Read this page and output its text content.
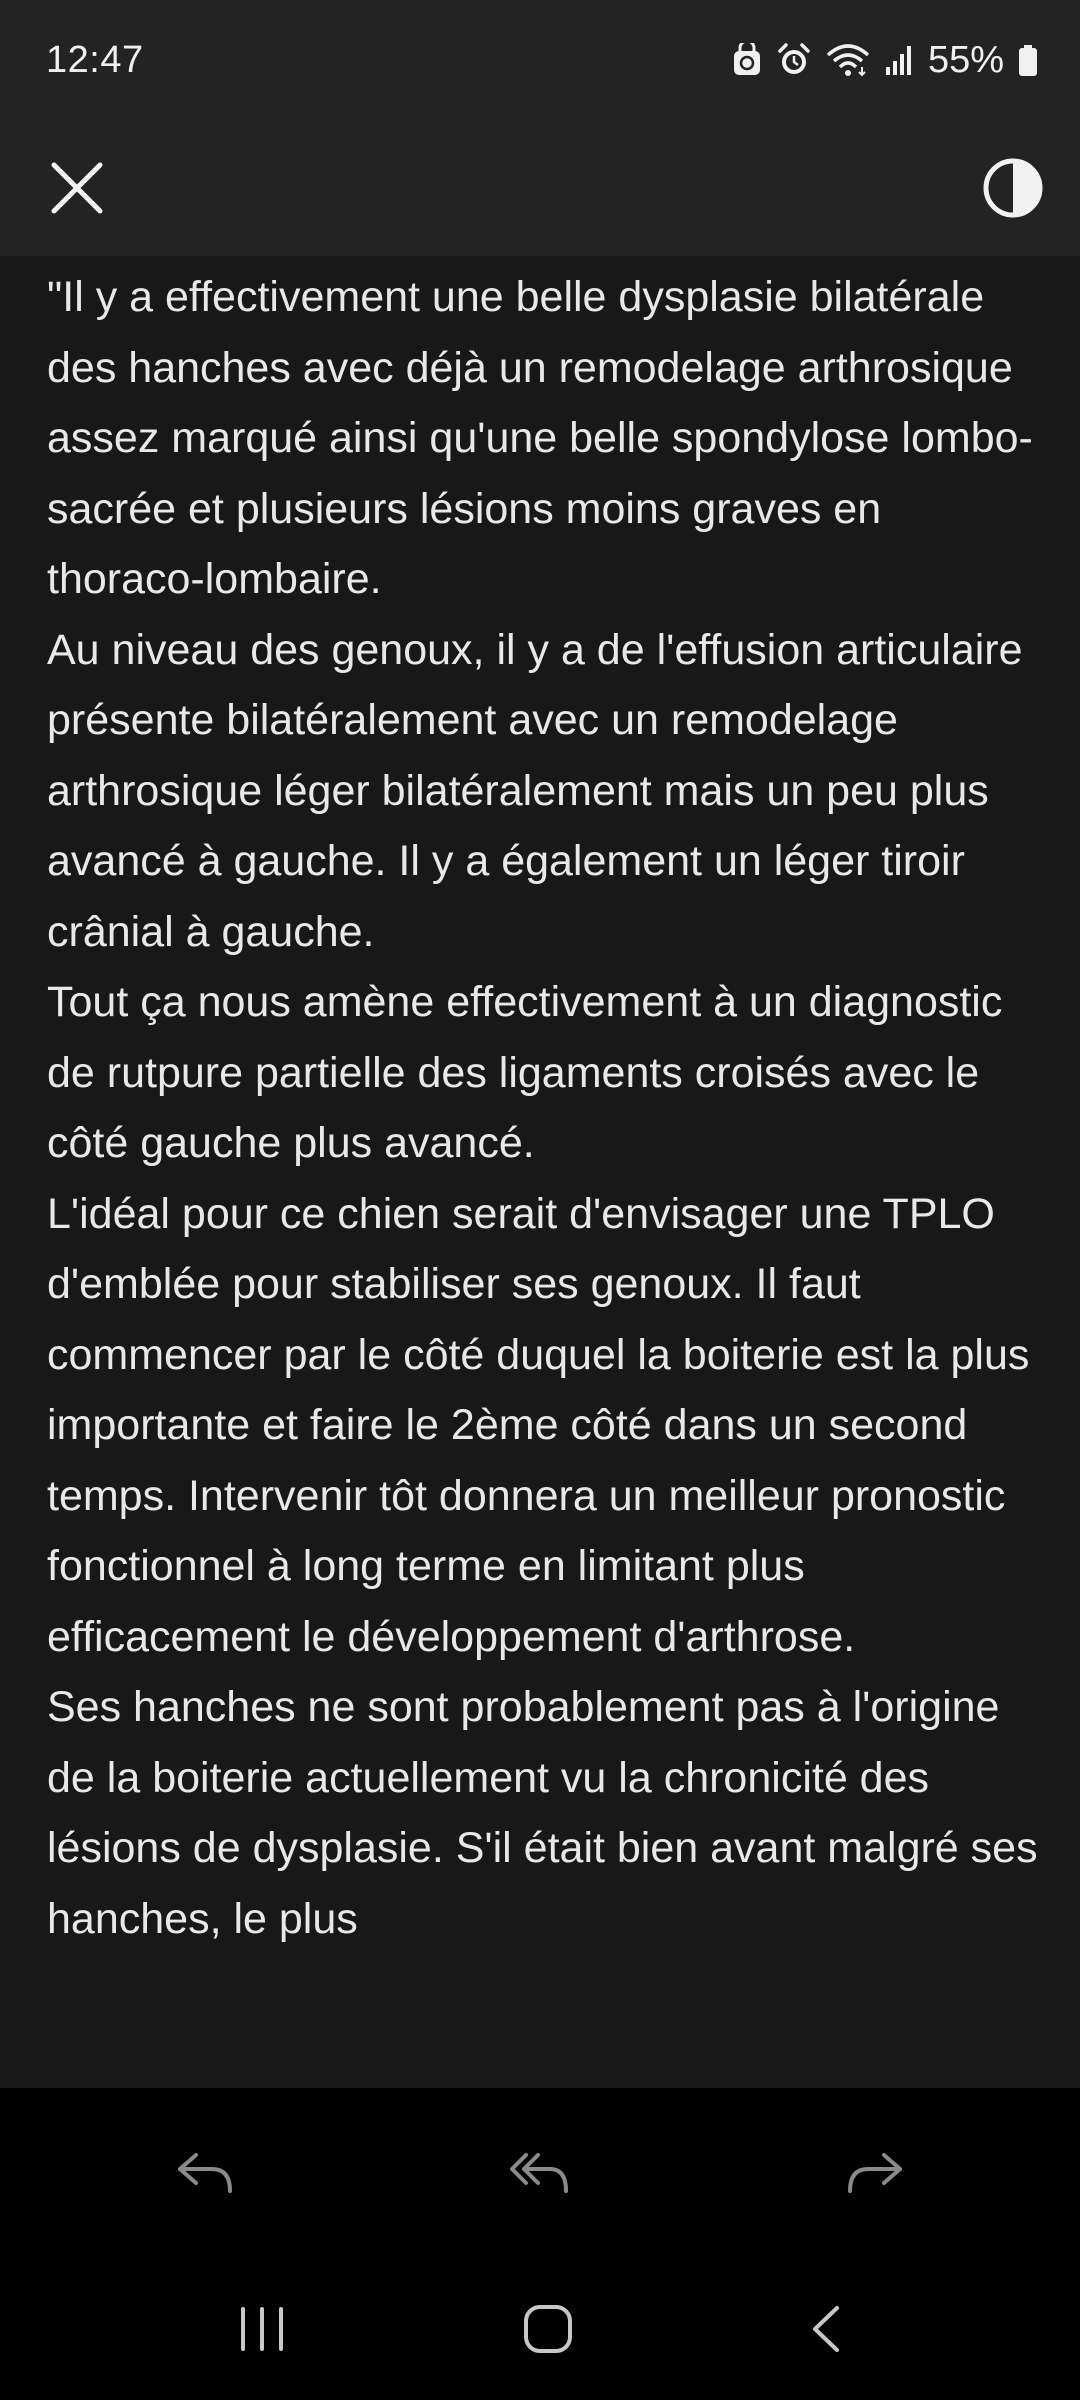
12:47	55%

"Il y a effectivement une belle dysplasie bilatérale des hanches avec déjà un remodelage arthrosique assez marqué ainsi qu'une belle spondylose lombo-sacrée et plusieurs lésions moins graves en thoraco-lombaire.
Au niveau des genoux, il y a de l'effusion articulaire présente bilatéralement avec un remodelage arthrosique léger bilatéralement mais un peu plus avancé à gauche. Il y a également un léger tiroir crânial à gauche.
Tout ça nous amène effectivement à un diagnostic de rutpure partielle des ligaments croisés avec le côté gauche plus avancé.
L'idéal pour ce chien serait d'envisager une TPLO d'emblée pour stabiliser ses genoux. Il faut commencer par le côté duquel la boiterie est la plus importante et faire le 2ème côté dans un second temps. Intervenir tôt donnera un meilleur pronostic fonctionnel à long terme en limitant plus efficacement le développement d'arthrose.
Ses hanches ne sont probablement pas à l'origine de la boiterie actuellement vu la chronicité des lésions de dysplasie. S'il était bien avant malgré ses hanches, le plus
